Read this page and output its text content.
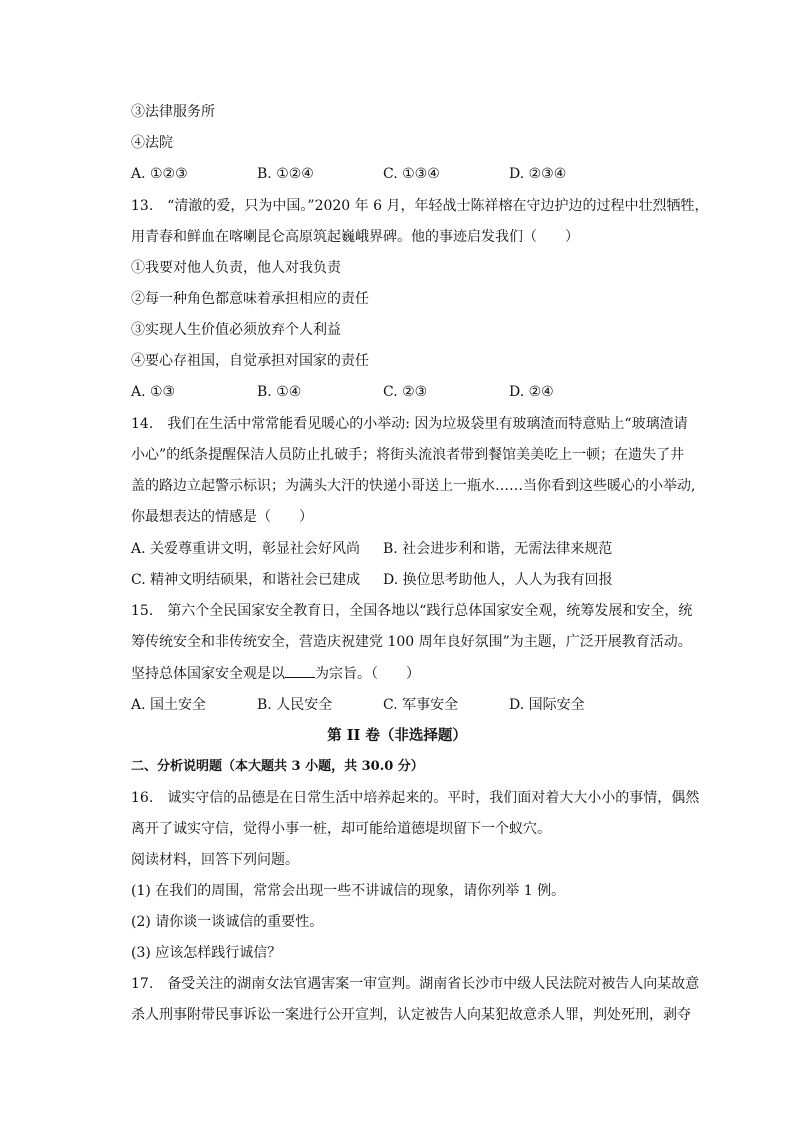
③法律服务所
④法院
A. ①②③	B. ①②④	C. ①③④	D. ②③④
13.　“清澈的爱，只为中国。”2020 年 6 月，年轻战士陈祥榕在守边护边的过程中壮烈牺牲，
用青春和鲜血在喀喇昆仑高原筑起巍峨界碑。他的事迹启发我们（　　）
①我要对他人负责，他人对我负责
②每一种角色都意味着承担相应的责任
③实现人生价值必须放弃个人利益
④要心存祖国，自觉承担对国家的责任
A. ①③	B. ①④	C. ②③	D. ②④
14.　我们在生活中常常能看见暖心的小举动: 因为垃圾袋里有玻璃渣而特意贴上“玻璃渣请
小心”的纸条提醒保洁人员防止扎破手；将街头流浪者带到餐馆美美吃上一顿；在遗失了井
盖的路边立起警示标识；为满头大汗的快递小哥送上一瓶水……当你看到这些暖心的小举动,
你最想表达的情感是（　　）
A. 关爱尊重讲文明，彰显社会好风尚 B. 社会进步利和谐，无需法律来规范
C. 精神文明结硕果，和谐社会已建成 D. 换位思考助他人，人人为我有回报
15.　第六个全民国家安全教育日，全国各地以“践行总体国家安全观，统筹发展和安全，统
筹传统安全和非传统安全，营造庆祝建党 100 周年良好氛围”为主题，广泛开展教育活动。
坚持总体国家安全观是以 为宗旨。（　　）
A. 国土安全	B. 人民安全	C. 军事安全	D. 国际安全
第 II 卷（非选择题）
二、分析说明题（本大题共 3 小题，共 30.0 分）
16.　诚实守信的品德是在日常生活中培养起来的。平时，我们面对着大大小小的事情，偶然
离开了诚实守信，觉得小事一桩，却可能给道德堤坝留下一个蚁穴。
阅读材料，回答下列问题。
(1) 在我们的周围，常常会出现一些不讲诚信的现象，请你列举 1 例。
(2) 请你谈一谈诚信的重要性。
(3) 应该怎样践行诚信？
17.　备受关注的湖南女法官遇害案一审宣判。湖南省长沙市中级人民法院对被告人向某故意
杀人刑事附带民事诉讼一案进行公开宣判，认定被告人向某犯故意杀人罪，判处死刑，剥夺
